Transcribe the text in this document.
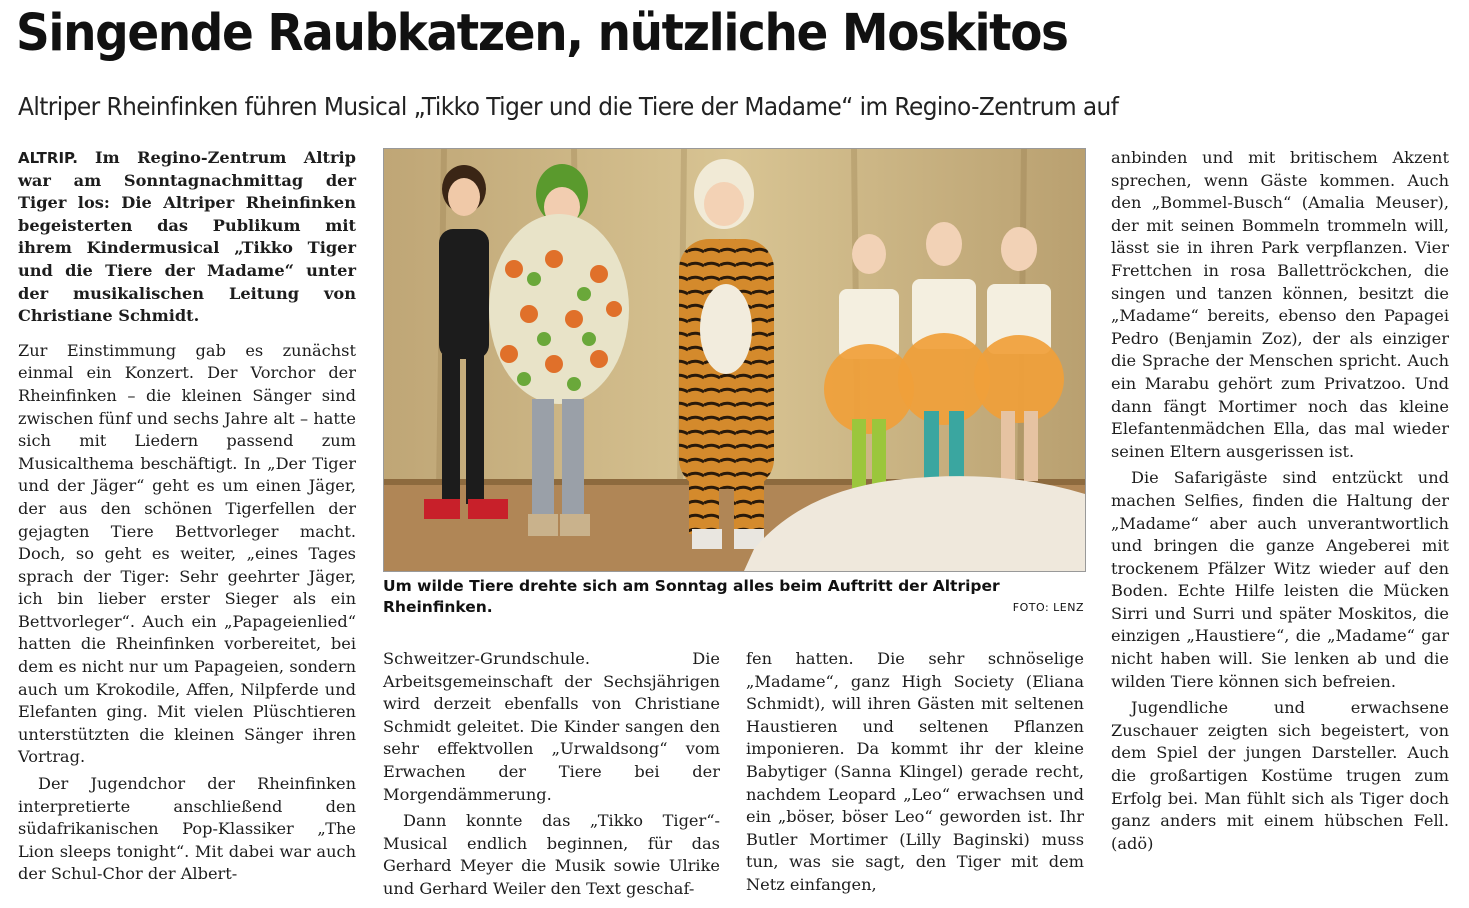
Singende Raubkatzen, nützliche Moskitos
Altriper Rheinfinken führen Musical „Tikko Tiger und die Tiere der Madame“ im Regino-Zentrum auf

ALTRIP. Im Regino-Zentrum Altrip war am Sonntagnachmittag der Tiger los: Die Altriper Rheinfinken begeisterten das Publikum mit ihrem Kindermusical „Tikko Tiger und die Tiere der Madame“ unter der musikalischen Leitung von Christiane Schmidt.

Zur Einstimmung gab es zunächst einmal ein Konzert. Der Vorchor der Rheinfinken – die kleinen Sänger sind zwischen fünf und sechs Jahre alt – hatte sich mit Liedern passend zum Musicalthema beschäftigt. In „Der Tiger und der Jäger“ geht es um einen Jäger, der aus den schönen Tigerfellen der gejagten Tiere Bettvorleger macht. Doch, so geht es weiter, „eines Tages sprach der Tiger: Sehr geehrter Jäger, ich bin lieber erster Sieger als ein Bettvorleger“. Auch ein „Papageienlied“ hatten die Rheinfinken vorbereitet, bei dem es nicht nur um Papageien, sondern auch um Krokodile, Affen, Nilpferde und Elefanten ging. Mit vielen Plüschtieren unterstützten die kleinen Sänger ihren Vortrag.

Der Jugendchor der Rheinfinken interpretierte anschließend den südafrikanischen Pop-Klassiker „The Lion sleeps tonight“. Mit dabei war auch der Schul-Chor der Albert-

Um wilde Tiere drehte sich am Sonntag alles beim Auftritt der Altriper Rheinfinken.	FOTO: LENZ

Schweitzer-Grundschule. Die Arbeitsgemeinschaft der Sechsjährigen wird derzeit ebenfalls von Christiane Schmidt geleitet. Die Kinder sangen den sehr effektvollen „Urwaldsong“ vom Erwachen der Tiere bei der Morgendämmerung.

Dann konnte das „Tikko Tiger“-Musical endlich beginnen, für das Gerhard Meyer die Musik sowie Ulrike und Gerhard Weiler den Text geschaf-

fen hatten. Die sehr schnöselige „Madame“, ganz High Society (Eliana Schmidt), will ihren Gästen mit seltenen Haustieren und seltenen Pflanzen imponieren. Da kommt ihr der kleine Babytiger (Sanna Klingel) gerade recht, nachdem Leopard „Leo“ erwachsen und ein „böser, böser Leo“ geworden ist. Ihr Butler Mortimer (Lilly Baginski) muss tun, was sie sagt, den Tiger mit dem Netz einfangen,

anbinden und mit britischem Akzent sprechen, wenn Gäste kommen. Auch den „Bommel-Busch“ (Amalia Meuser), der mit seinen Bommeln trommeln will, lässt sie in ihren Park verpflanzen. Vier Frettchen in rosa Ballettröckchen, die singen und tanzen können, besitzt die „Madame“ bereits, ebenso den Papagei Pedro (Benjamin Zoz), der als einziger die Sprache der Menschen spricht. Auch ein Marabu gehört zum Privatzoo. Und dann fängt Mortimer noch das kleine Elefantenmädchen Ella, das mal wieder seinen Eltern ausgerissen ist.

Die Safarigäste sind entzückt und machen Selfies, finden die Haltung der „Madame“ aber auch unverantwortlich und bringen die ganze Angeberei mit trockenem Pfälzer Witz wieder auf den Boden. Echte Hilfe leisten die Mücken Sirri und Surri und später Moskitos, die einzigen „Haustiere“, die „Madame“ gar nicht haben will. Sie lenken ab und die wilden Tiere können sich befreien.

Jugendliche und erwachsene Zuschauer zeigten sich begeistert, von dem Spiel der jungen Darsteller. Auch die großartigen Kostüme trugen zum Erfolg bei. Man fühlt sich als Tiger doch ganz anders mit einem hübschen Fell. (adö)
